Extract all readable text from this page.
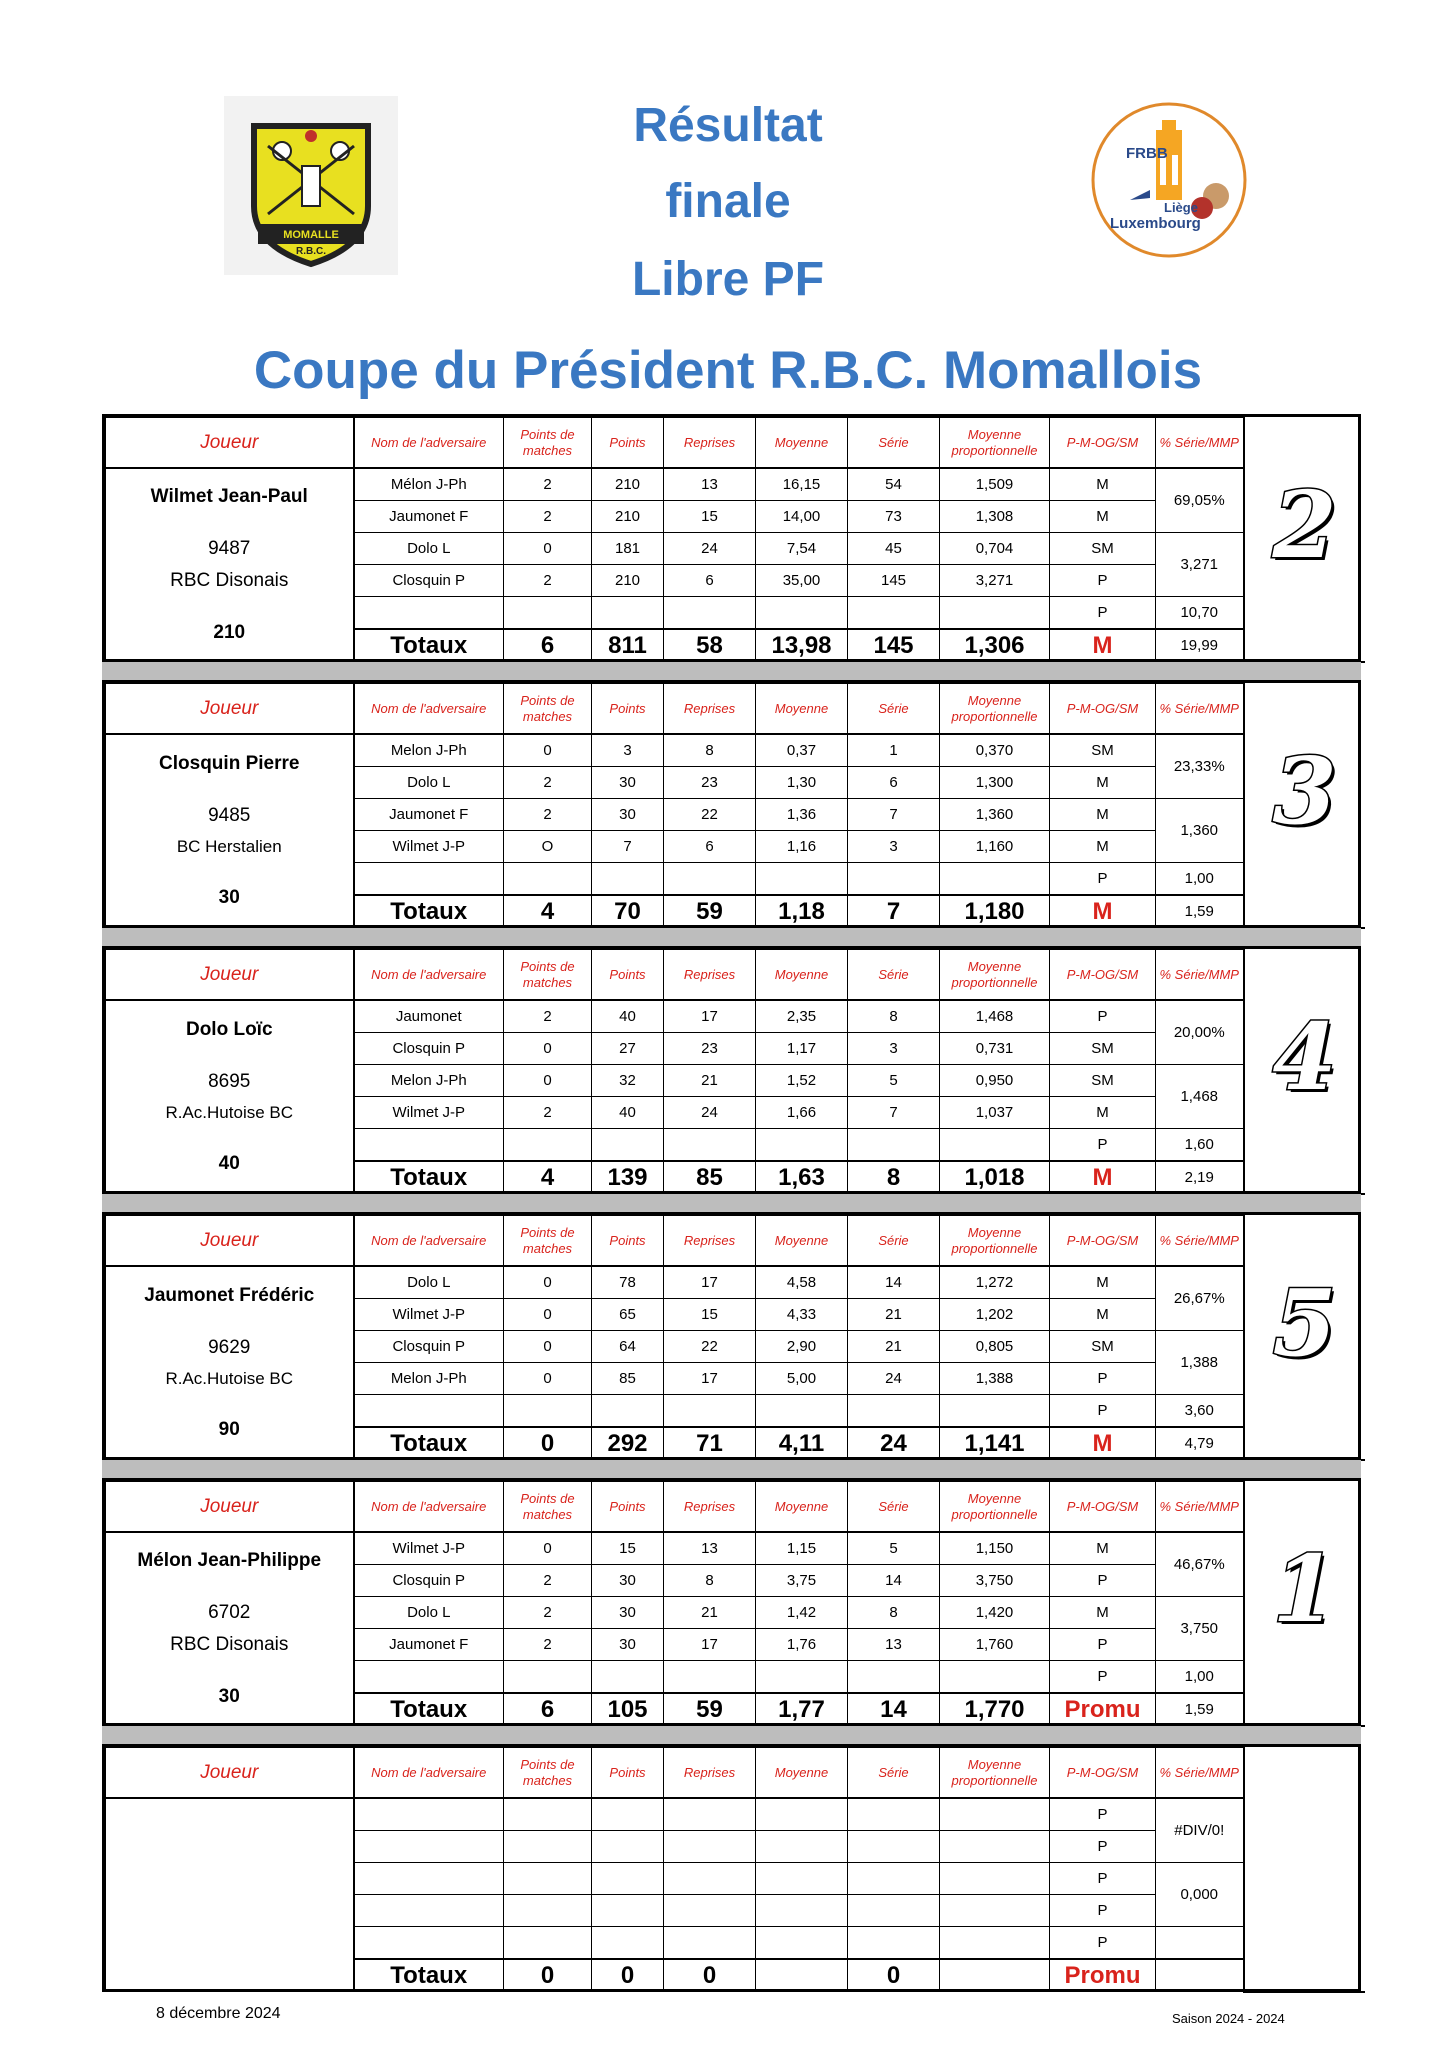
MOMALLE
R.B.C.
Résultat
finale
Libre PF
Coupe du Président R.B.C. Momallois
FRBB
Liège
Luxembourg
Joueur	Nom de l'adversaire	Points de matches	Points	Reprises	Moyenne	Série	Moyenne proportionnelle	P-M-OG/SM	% Série/MMP	2

Wilmet Jean-Paul
9487
RBC Disonais
210	Mélon J-Ph	2	210	13	16,15	54	1,509	M	69,05%	
	Jaumonet F	2	210	15	14,00	73	1,308	M		
	Dolo L	0	181	24	7,54	45	0,704	SM	3,271	
	Closquin P	2	210	6	35,00	145	3,271	P		
								P	10,70	
	Totaux	6	811	58	13,98	145	1,306	M	19,99	
Joueur	Nom de l'adversaire	Points de matches	Points	Reprises	Moyenne	Série	Moyenne proportionnelle	P-M-OG/SM	% Série/MMP	3

Closquin Pierre
9485
BC Herstalien
30	Melon J-Ph	0	3	8	0,37	1	0,370	SM	23,33%	
	Dolo L	2	30	23	1,30	6	1,300	M		
	Jaumonet F	2	30	22	1,36	7	1,360	M	1,360	
	Wilmet J-P	O	7	6	1,16	3	1,160	M		
								P	1,00	
	Totaux	4	70	59	1,18	7	1,180	M	1,59	
Joueur	Nom de l'adversaire	Points de matches	Points	Reprises	Moyenne	Série	Moyenne proportionnelle	P-M-OG/SM	% Série/MMP	4

Dolo Loïc
8695
R.Ac.Hutoise BC
40	Jaumonet	2	40	17	2,35	8	1,468	P	20,00%	
	Closquin P	0	27	23	1,17	3	0,731	SM		
	Melon J-Ph	0	32	21	1,52	5	0,950	SM	1,468	
	Wilmet J-P	2	40	24	1,66	7	1,037	M		
								P	1,60	
	Totaux	4	139	85	1,63	8	1,018	M	2,19	
Joueur	Nom de l'adversaire	Points de matches	Points	Reprises	Moyenne	Série	Moyenne proportionnelle	P-M-OG/SM	% Série/MMP	5

Jaumonet Frédéric
9629
R.Ac.Hutoise BC
90	Dolo L	0	78	17	4,58	14	1,272	M	26,67%	
	Wilmet J-P	0	65	15	4,33	21	1,202	M		
	Closquin P	0	64	22	2,90	21	0,805	SM	1,388	
	Melon J-Ph	0	85	17	5,00	24	1,388	P		
								P	3,60	
	Totaux	0	292	71	4,11	24	1,141	M	4,79	
Joueur	Nom de l'adversaire	Points de matches	Points	Reprises	Moyenne	Série	Moyenne proportionnelle	P-M-OG/SM	% Série/MMP	1

Mélon Jean-Philippe
6702
RBC Disonais
30	Wilmet J-P	0	15	13	1,15	5	1,150	M	46,67%	
	Closquin P	2	30	8	3,75	14	3,750	P		
	Dolo L	2	30	21	1,42	8	1,420	M	3,750	
	Jaumonet F	2	30	17	1,76	13	1,760	P		
								P	1,00	
	Totaux	6	105	59	1,77	14	1,770	Promu	1,59	
Joueur	Nom de l'adversaire	Points de matches	Points	Reprises	Moyenne	Série	Moyenne proportionnelle	P-M-OG/SM	% Série/MMP	

								P	#DIV/0!	
								P		
								P	0,000	
								P		
								P		
	Totaux	0	0	0		0		Promu		
8 décembre 2024	Saison 2024 - 2024
